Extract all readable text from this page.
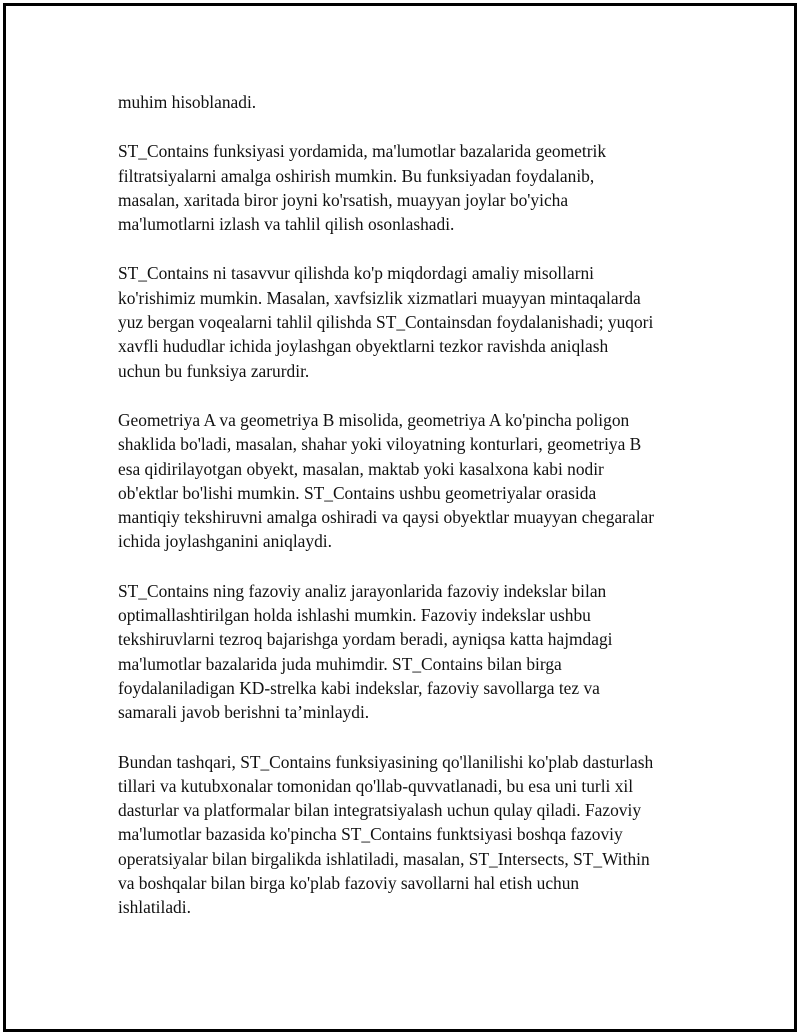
muhim hisoblanadi.

ST_Contains funksiyasi yordamida, ma'lumotlar bazalarida geometrik
filtratsiyalarni amalga oshirish mumkin. Bu funksiyadan foydalanib,
masalan, xaritada biror joyni ko'rsatish, muayyan joylar bo'yicha
ma'lumotlarni izlash va tahlil qilish osonlashadi.

ST_Contains ni tasavvur qilishda ko'p miqdordagi amaliy misollarni
ko'rishimiz mumkin. Masalan, xavfsizlik xizmatlari muayyan mintaqalarda
yuz bergan voqealarni tahlil qilishda ST_Containsdan foydalanishadi; yuqori
xavfli hududlar ichida joylashgan obyektlarni tezkor ravishda aniqlash
uchun bu funksiya zarurdir.

Geometriya A va geometriya B misolida, geometriya A ko'pincha poligon
shaklida bo'ladi, masalan, shahar yoki viloyatning konturlari, geometriya B
esa qidirilayotgan obyekt, masalan, maktab yoki kasalxona kabi nodir
ob'ektlar bo'lishi mumkin. ST_Contains ushbu geometriyalar orasida
mantiqiy tekshiruvni amalga oshiradi va qaysi obyektlar muayyan chegaralar
ichida joylashganini aniqlaydi.

ST_Contains ning fazoviy analiz jarayonlarida fazoviy indekslar bilan
optimallashtirilgan holda ishlashi mumkin. Fazoviy indekslar ushbu
tekshiruvlarni tezroq bajarishga yordam beradi, ayniqsa katta hajmdagi
ma'lumotlar bazalarida juda muhimdir. ST_Contains bilan birga
foydalaniladigan KD-strelka kabi indekslar, fazoviy savollarga tez va
samarali javob berishni ta’minlaydi.

Bundan tashqari, ST_Contains funksiyasining qo'llanilishi ko'plab dasturlash
tillari va kutubxonalar tomonidan qo'llab-quvvatlanadi, bu esa uni turli xil
dasturlar va platformalar bilan integratsiyalash uchun qulay qiladi. Fazoviy
ma'lumotlar bazasida ko'pincha ST_Contains funktsiyasi boshqa fazoviy
operatsiyalar bilan birgalikda ishlatiladi, masalan, ST_Intersects, ST_Within
va boshqalar bilan birga ko'plab fazoviy savollarni hal etish uchun
ishlatiladi.
